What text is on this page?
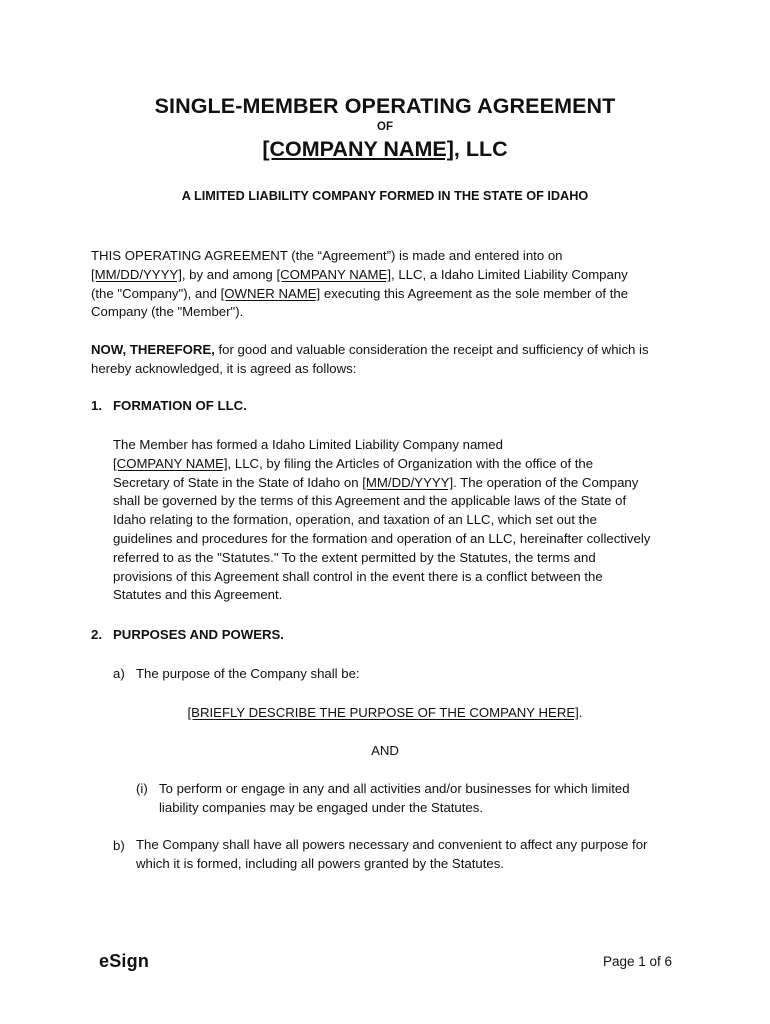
SINGLE-MEMBER OPERATING AGREEMENT
OF
[COMPANY NAME], LLC
A LIMITED LIABILITY COMPANY FORMED IN THE STATE OF IDAHO
THIS OPERATING AGREEMENT (the “Agreement”) is made and entered into on
[MM/DD/YYYY], by and among [COMPANY NAME], LLC, a Idaho Limited Liability Company
(the "Company"), and [OWNER NAME] executing this Agreement as the sole member of the
Company (the "Member").
NOW, THEREFORE, for good and valuable consideration the receipt and sufficiency of which is
hereby acknowledged, it is agreed as follows:
1. FORMATION OF LLC.
The Member has formed a Idaho Limited Liability Company named
[COMPANY NAME], LLC, by filing the Articles of Organization with the office of the
Secretary of State in the State of Idaho on [MM/DD/YYYY]. The operation of the Company
shall be governed by the terms of this Agreement and the applicable laws of the State of
Idaho relating to the formation, operation, and taxation of an LLC, which set out the
guidelines and procedures for the formation and operation of an LLC, hereinafter collectively
referred to as the "Statutes." To the extent permitted by the Statutes, the terms and
provisions of this Agreement shall control in the event there is a conflict between the
Statutes and this Agreement.
2. PURPOSES AND POWERS.
a) The purpose of the Company shall be:
[BRIEFLY DESCRIBE THE PURPOSE OF THE COMPANY HERE].
AND
(i) To perform or engage in any and all activities and/or businesses for which limited
liability companies may be engaged under the Statutes.
b) The Company shall have all powers necessary and convenient to affect any purpose for
which it is formed, including all powers granted by the Statutes.
eSign	Page 1 of 6
